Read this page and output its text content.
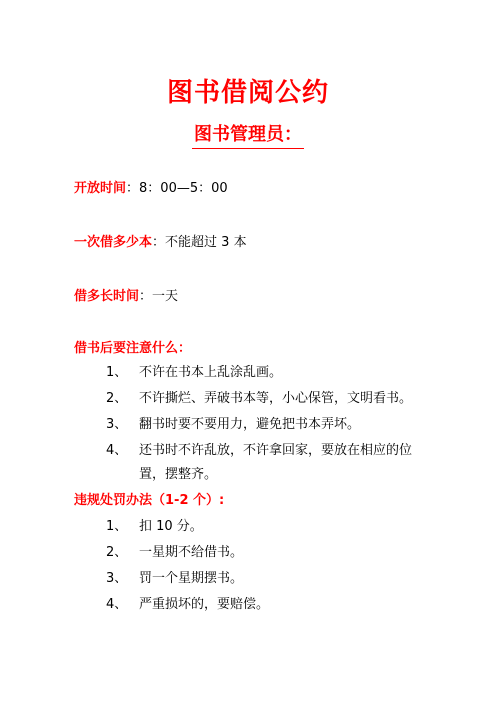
图书借阅公约
图书管理员：
开放时间：8：00—5：00
一次借多少本：不能超过 3 本
借多长时间：一天
借书后要注意什么：
1、 不许在书本上乱涂乱画。
2、 不许撕烂、弄破书本等，小心保管，文明看书。
3、 翻书时要不要用力，避免把书本弄坏。
4、 还书时不许乱放，不许拿回家，要放在相应的位
置，摆整齐。
违规处罚办法（1-2 个）:
1、 扣 10 分。
2、 一星期不给借书。
3、 罚一个星期摆书。
4、 严重损坏的，要赔偿。
